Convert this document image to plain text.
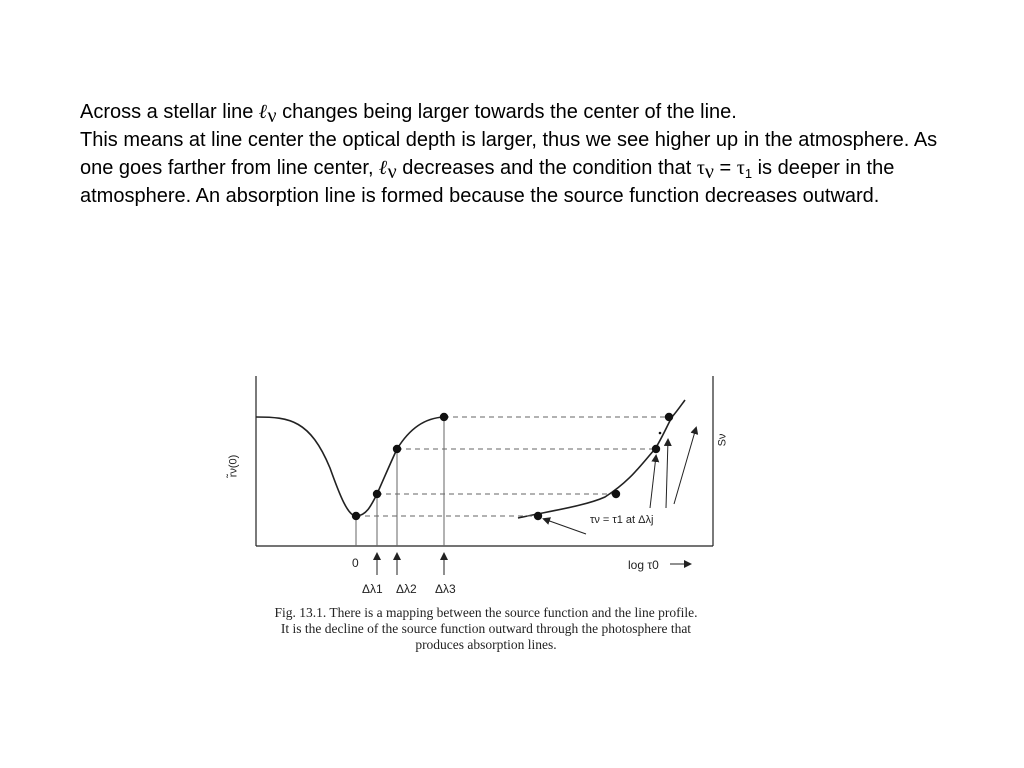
Across a stellar line ℓ$_\nu$ changes being larger towards the center of the line.
This means at line center the optical depth is larger, thus we see higher up in the atmosphere. As one goes farther from line center, ℓ$_\nu$ decreases and the condition that $\tau_\nu = \tau_1$ is deeper in the atmosphere. An absorption line is formed because the source function decreases outward.
r̃ν(0)
Sν
0
Δλ1 Δλ2 Δλ3
log τ0
τν = τ1 at Δλj
Fig. 13.1. There is a mapping between the source function and the line profile.
It is the decline of the source function outward through the photosphere that
produces absorption lines.
